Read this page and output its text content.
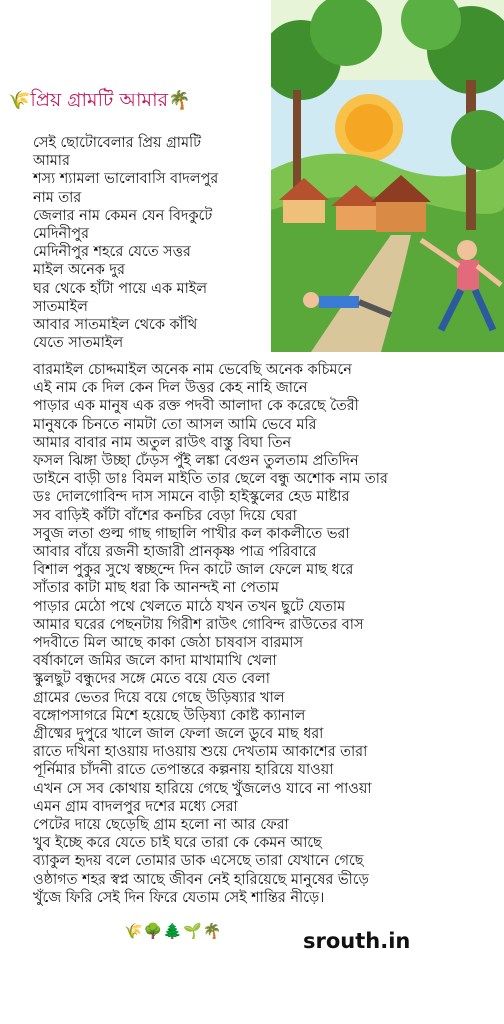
🌾প্রিয় গ্রামটি আমার🌴
সেই ছোটোবেলার প্রিয় গ্রামটি
আমার
শস্য শ্যামলা ভালোবাসি বাদলপুর
নাম তার
জেলার নাম কেমন যেন বিদকুটে
মেদিনীপুর
মেদিনীপুর শহরে যেতে সত্তর
মাইল অনেক দুর
ঘর থেকে হাঁটা পায়ে এক মাইল
সাতমাইল
আবার সাতমাইল থেকে কাঁথি
যেতে সাতমাইল
বারমাইল চোদ্দমাইল অনেক নাম ভেবেছি অনেক কচিমনে
এই নাম কে দিল কেন দিল উত্তর কেহ নাহি জানে
পাড়ার এক মানুষ এক রক্ত পদবী আলাদা কে করেছে তৈরী
মানুষকে চিনতে নামটা তো আসল আমি ভেবে মরি
আমার বাবার নাম অতুল রাউৎ বাস্তু বিঘা তিন
ফসল ঝিঙ্গা উচ্ছা ঢেঁড়স পুঁই লঙ্কা বেগুন তুলতাম প্রতিদিন
ডাইনে বাড়ী ডাঃ বিমল মাইতি তার ছেলে বন্ধু অশোক নাম তার
ডঃ দোলগোবিন্দ দাস সামনে বাড়ী হাইস্কুলের হেড মাষ্টার
সব বাড়িই কাঁটা বাঁশের কনচির বেড়া দিয়ে ঘেরা
সবুজ লতা গুল্ম গাছ গাছালি পাখীর কল কাকলীতে ভরা
আবার বাঁয়ে রজনী হাজারী প্রানকৃষ্ণ পাত্র পরিবারে
বিশাল পুকুর সুখে স্বচ্ছন্দে দিন কাটে জাল ফেলে মাছ ধরে
সাঁতার কাটা মাছ ধরা কি আনন্দই না পেতাম
পাড়ার মেঠো পথে খেলতে মাঠে যখন তখন ছুটে যেতাম
আমার ঘরের পেছনটায় গিরীশ রাউৎ গোবিন্দ রাউতের বাস
পদবীতে মিল আছে কাকা জেঠা চাষবাস বারমাস
বর্ষাকালে জমির জলে কাদা মাখামাখি খেলা
স্কুলছুট বন্ধুদের সঙ্গে মেতে বয়ে যেত বেলা
গ্রামের ভেতর দিয়ে বয়ে গেছে উড়িষ্যার খাল
বঙ্গোপসাগরে মিশে হয়েছে উড়িষ্যা কোষ্ট ক্যানাল
গ্রীষ্মের দুপুরে খালে জাল ফেলা জলে ডুবে মাছ ধরা
রাতে দখিনা হাওয়ায় দাওয়ায় শুয়ে দেখতাম আকাশের তারা
পূর্নিমার চাঁদনী রাতে তেপান্তরে কল্পনায় হারিয়ে যাওয়া
এখন সে সব কোথায় হারিয়ে গেছে খুঁজলেও যাবে না পাওয়া
এমন গ্রাম বাদলপুর দশের মধ্যে সেরা
পেটের দায়ে ছেড়েছি গ্রাম হলো না আর ফেরা
খুব ইচ্ছে করে যেতে চাই ঘরে তারা কে কেমন আছে
ব্যাকুল হৃদয় বলে তোমার ডাক এসেছে তারা যেখানে গেছে
ওষ্ঠাগত শহর স্বপ্ন আছে জীবন নেই হারিয়েছে মানুষের ভীড়ে
খুঁজে ফিরি সেই দিন ফিরে যেতাম সেই শান্তির নীড়ে।
🌾🌳🌲🌱🌴	srouth.in
